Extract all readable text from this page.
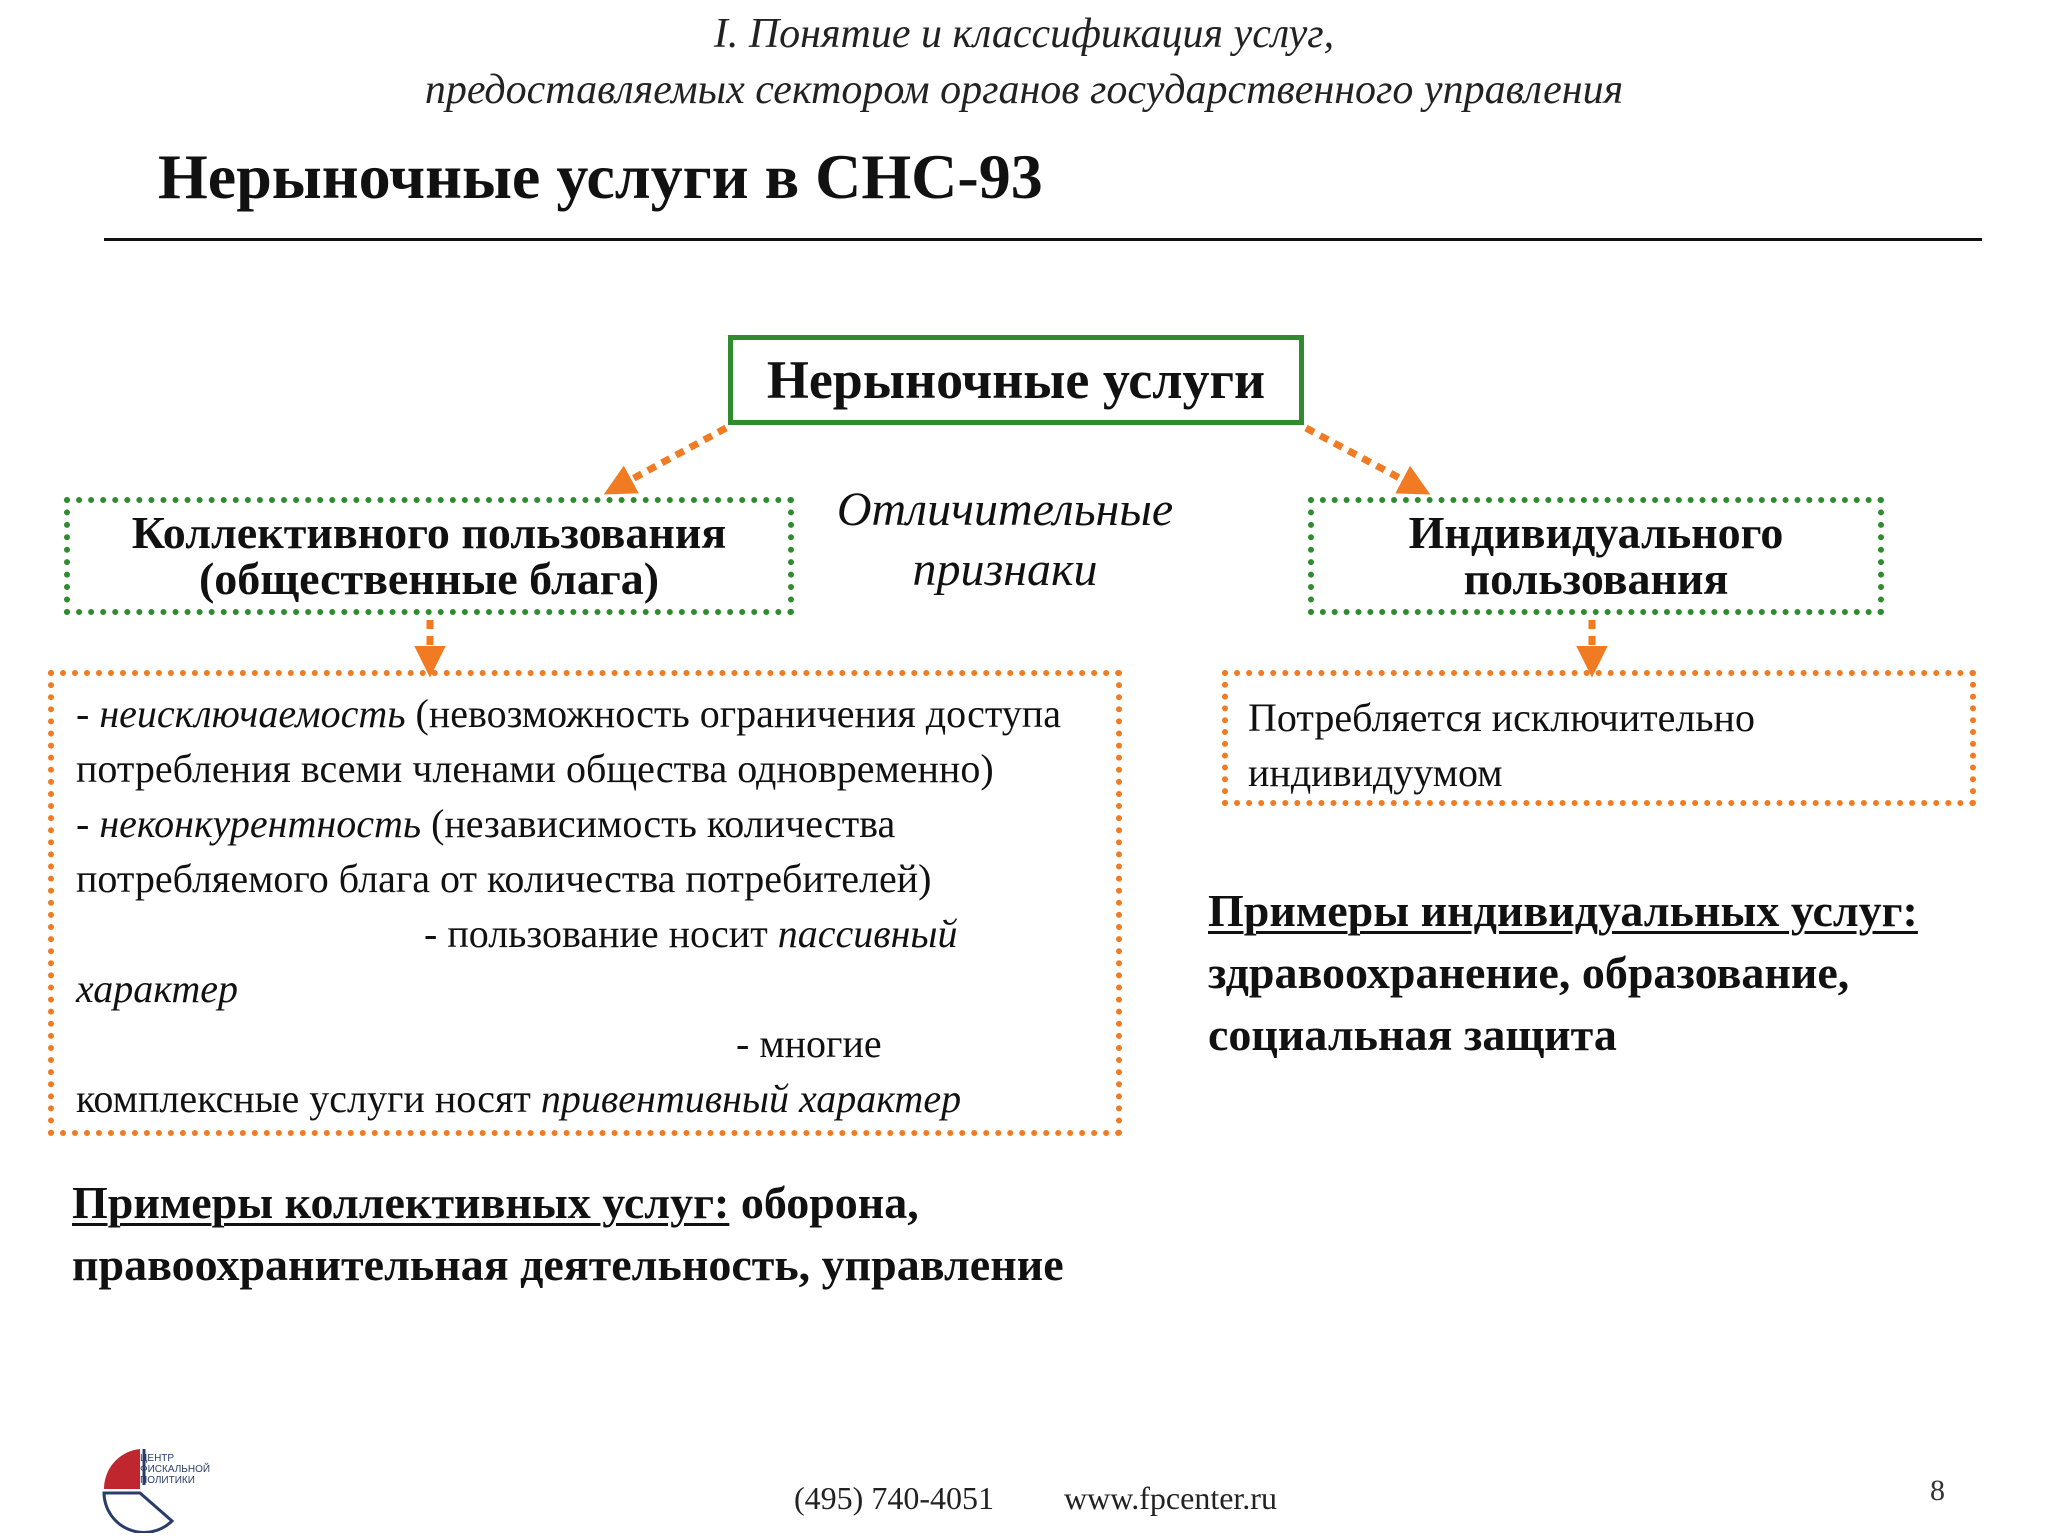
I. Понятие и классификация услуг,
предоставляемых сектором органов государственного управления
Нерыночные услуги в СНС-93
Нерыночные услуги
Коллективного пользования
(общественные блага)
Отличительные
признаки
Индивидуального
пользования

- неисключаемость (невозможность ограничения доступа потребления всеми членами общества одновременно)

- неконкурентность (независимость количества потребляемого блага от количества потребителей)

- пользование носит пассивный характер

- многие комплексные услуги носят привентивный характер

Потребляется исключительно индивидуумом
Примеры коллективных услуг: оборона, правоохранительная деятельность, управление
Примеры индивидуальных услуг:
здравоохранение, образование, социальная защита
ЦЕНТР
ФИСКАЛЬНОЙ
ПОЛИТИКИ	(495) 740-4051 www.fpcenter.ru	8
